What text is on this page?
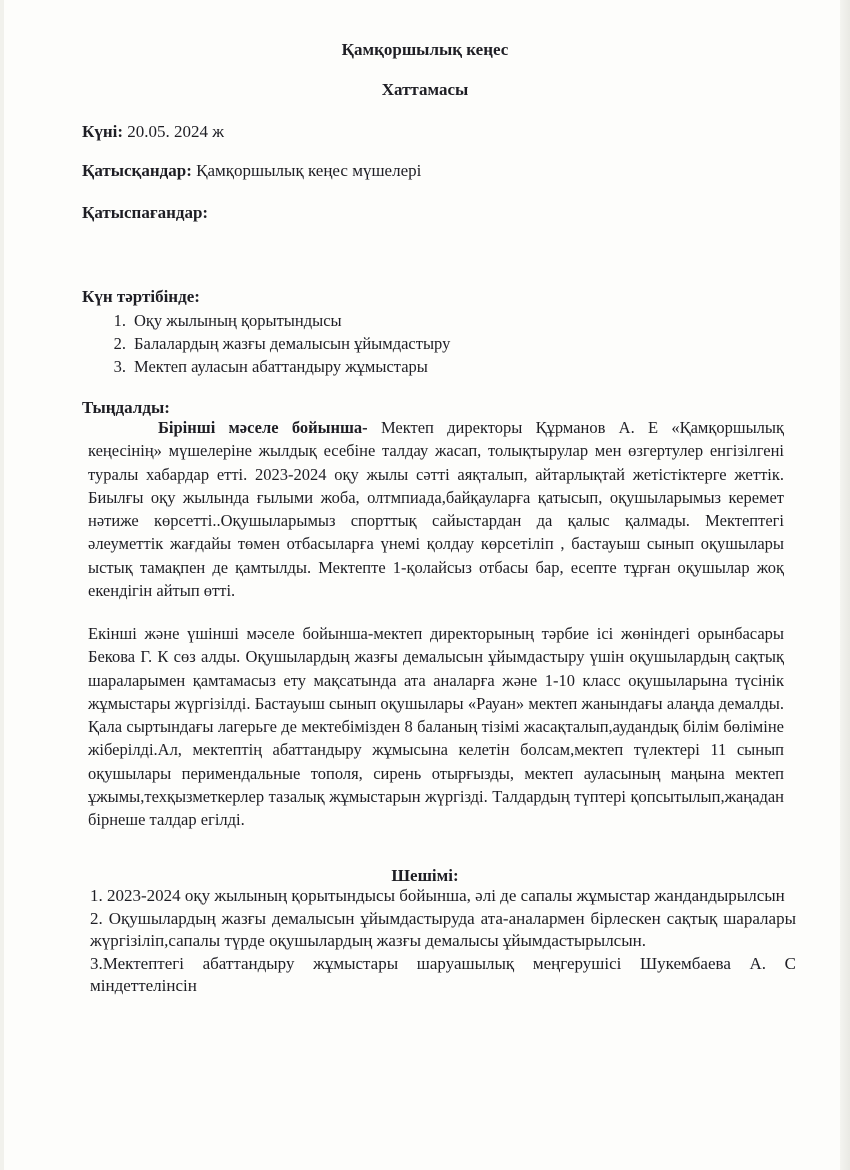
Қамқоршылық кеңес
Хаттамасы
Күні: 20.05. 2024 ж
Қатысқандар: Қамқоршылық кеңес мүшелері
Қатыспағандар:
Күн тәртібінде:
1. Оқу жылының қорытындысы
2. Балалардың жазғы демалысын ұйымдастыру
3. Мектеп ауласын абаттандыру жұмыстары
Тыңдалды:
Бірінші мәселе бойынша- Мектеп директоры Құрманов А. Е «Қамқоршылық кеңесінің» мүшелеріне жылдық есебіне талдау жасап, толықтырулар мен өзгертулер енгізілгені туралы хабардар етті. 2023-2024 оқу жылы сәтті аяқталып, айтарлықтай жетістіктерге жеттік. Биылғы оқу жылында ғылыми жоба, олтмпиада,байқауларға қатысып, оқушыларымыз керемет нәтиже көрсетті..Оқушыларымыз спорттық сайыстардан да қалыс қалмады. Мектептегі әлеуметтік жағдайы төмен отбасыларға үнемі қолдау көрсетіліп , бастауыш сынып оқушылары ыстық тамақпен де қамтылды. Мектепте 1-қолайсыз отбасы бар, есепте тұрған оқушылар жоқ екендігін айтып өтті.
Екінші және үшінші мәселе бойынша-мектеп директорының тәрбие ісі жөніндегі орынбасары Бекова Г. К сөз алды. Оқушылардың жазғы демалысын ұйымдастыру үшін оқушылардың сақтық шараларымен қамтамасыз ету мақсатында ата аналарға және 1-10 класс оқушыларына түсінік жұмыстары жүргізілді. Бастауыш сынып оқушылары «Рауан» мектеп жанындағы алаңда демалды. Қала сыртындағы лагерьге де мектебімізден 8 баланың тізімі жасақталып,аудандық білім бөліміне жіберілді.Ал, мектептің абаттандыру жұмысына келетін болсам,мектеп түлектері 11 сынып оқушылары перимендальные тополя, сирень отырғызды, мектеп ауласының маңына мектеп ұжымы,техқызметкерлер тазалық жұмыстарын жүргізді. Талдардың түптері қопсытылып,жаңадан бірнеше талдар егілді.
Шешімі:

1. 2023-2024 оқу жылының қорытындысы бойынша, әлі де сапалы жұмыстар жандандырылсын

2. Оқушылардың жазғы демалысын ұйымдастыруда ата-аналармен бірлескен сақтық шаралары жүргізіліп,сапалы түрде оқушылардың жазғы демалысы ұйымдастырылсын.

3.Мектептегі абаттандыру жұмыстары шаруашылық меңгерушісі Шукембаева А. С міндеттелінсін
